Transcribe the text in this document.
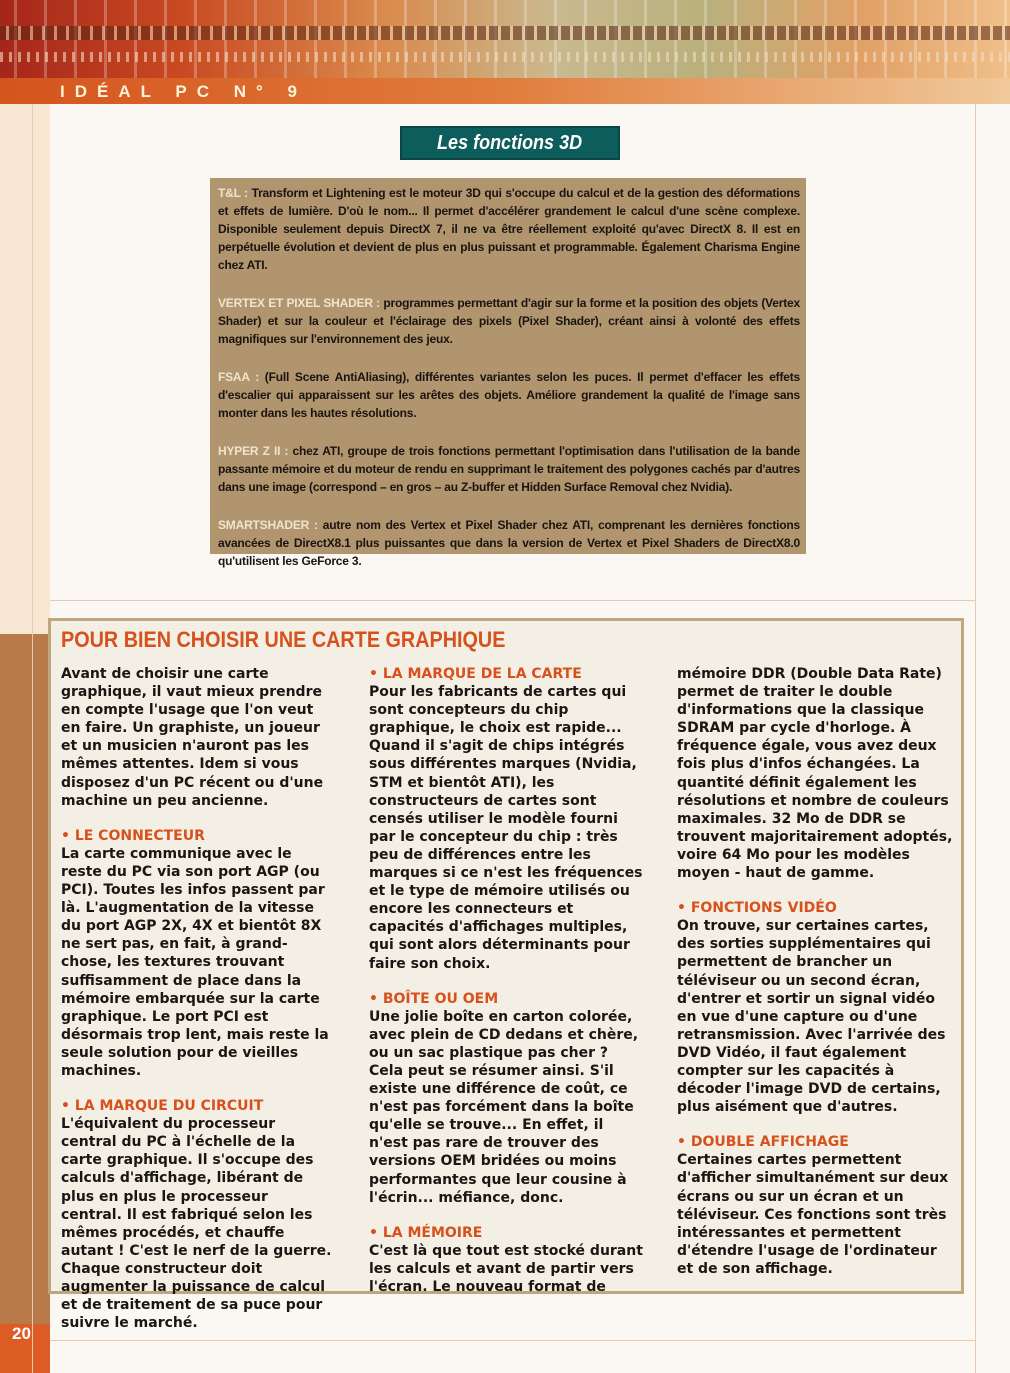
IDÉAL PC N° 9
20
Les fonctions 3D

T&L : Transform et Lightening est le moteur 3D qui s'occupe du calcul et de la gestion des déformations et effets de lumière. D'où le nom... Il permet d'accélérer grandement le calcul d'une scène complexe. Disponible seulement depuis DirectX 7, il ne va être réellement exploité qu'avec DirectX 8. Il est en perpétuelle évolution et devient de plus en plus puissant et programmable. Également Charisma Engine chez ATI.

VERTEX ET PIXEL SHADER : programmes permettant d'agir sur la forme et la position des objets (Vertex Shader) et sur la couleur et l'éclairage des pixels (Pixel Shader), créant ainsi à volonté des effets magnifiques sur l'environnement des jeux.

FSAA : (Full Scene AntiAliasing), différentes variantes selon les puces. Il permet d'effacer les effets d'escalier qui apparaissent sur les arêtes des objets. Améliore grandement la qualité de l'image sans monter dans les hautes résolutions.

HYPER Z II : chez ATI, groupe de trois fonctions permettant l'optimisation dans l'utilisation de la bande passante mémoire et du moteur de rendu en supprimant le traitement des polygones cachés par d'autres dans une image (correspond – en gros – au Z-buffer et Hidden Surface Removal chez Nvidia).

SMARTSHADER : autre nom des Vertex et Pixel Shader chez ATI, comprenant les dernières fonctions avancées de DirectX8.1 plus puissantes que dans la version de Vertex et Pixel Shaders de DirectX8.0 qu'utilisent les GeForce 3.

POUR BIEN CHOISIR UNE CARTE GRAPHIQUE

Avant de choisir une carte graphique, il vaut mieux prendre en compte l'usage que l'on veut en faire. Un graphiste, un joueur et un musicien n'auront pas les mêmes attentes. Idem si vous disposez d'un PC récent ou d'une machine un peu ancienne.

• LE CONNECTEUR
La carte communique avec le reste du PC via son port AGP (ou PCI). Toutes les infos passent par là. L'augmentation de la vitesse du port AGP 2X, 4X et bientôt 8X ne sert pas, en fait, à grand-chose, les textures trouvant suffisamment de place dans la mémoire embarquée sur la carte graphique. Le port PCI est désormais trop lent, mais reste la seule solution pour de vieilles machines.

• LA MARQUE DU CIRCUIT
L'équivalent du processeur central du PC à l'échelle de la carte graphique. Il s'occupe des calculs d'affichage, libérant de plus en plus le processeur central. Il est fabriqué selon les mêmes procédés, et chauffe autant ! C'est le nerf de la guerre. Chaque constructeur doit augmenter la puissance de calcul et de traitement de sa puce pour suivre le marché.

• LA MARQUE DE LA CARTE
Pour les fabricants de cartes qui sont concepteurs du chip graphique, le choix est rapide... Quand il s'agit de chips intégrés sous différentes marques (Nvidia, STM et bientôt ATI), les constructeurs de cartes sont censés utiliser le modèle fourni par le concepteur du chip : très peu de différences entre les marques si ce n'est les fréquences et le type de mémoire utilisés ou encore les connecteurs et capacités d'affichages multiples, qui sont alors déterminants pour faire son choix.

• BOÎTE OU OEM
Une jolie boîte en carton colorée, avec plein de CD dedans et chère, ou un sac plastique pas cher ? Cela peut se résumer ainsi. S'il existe une différence de coût, ce n'est pas forcément dans la boîte qu'elle se trouve... En effet, il n'est pas rare de trouver des versions OEM bridées ou moins performantes que leur cousine à l'écrin... méfiance, donc.

• LA MÉMOIRE
C'est là que tout est stocké durant les calculs et avant de partir vers l'écran. Le nouveau format de

mémoire DDR (Double Data Rate) permet de traiter le double d'informations que la classique SDRAM par cycle d'horloge. À fréquence égale, vous avez deux fois plus d'infos échangées. La quantité définit également les résolutions et nombre de couleurs maximales. 32 Mo de DDR se trouvent majoritairement adoptés, voire 64 Mo pour les modèles moyen - haut de gamme.

• FONCTIONS VIDÉO
On trouve, sur certaines cartes, des sorties supplémentaires qui permettent de brancher un téléviseur ou un second écran, d'entrer et sortir un signal vidéo en vue d'une capture ou d'une retransmission. Avec l'arrivée des DVD Vidéo, il faut également compter sur les capacités à décoder l'image DVD de certains, plus aisément que d'autres.

• DOUBLE AFFICHAGE
Certaines cartes permettent d'afficher simultanément sur deux écrans ou sur un écran et un téléviseur. Ces fonctions sont très intéressantes et permettent d'étendre l'usage de l'ordinateur et de son affichage.
